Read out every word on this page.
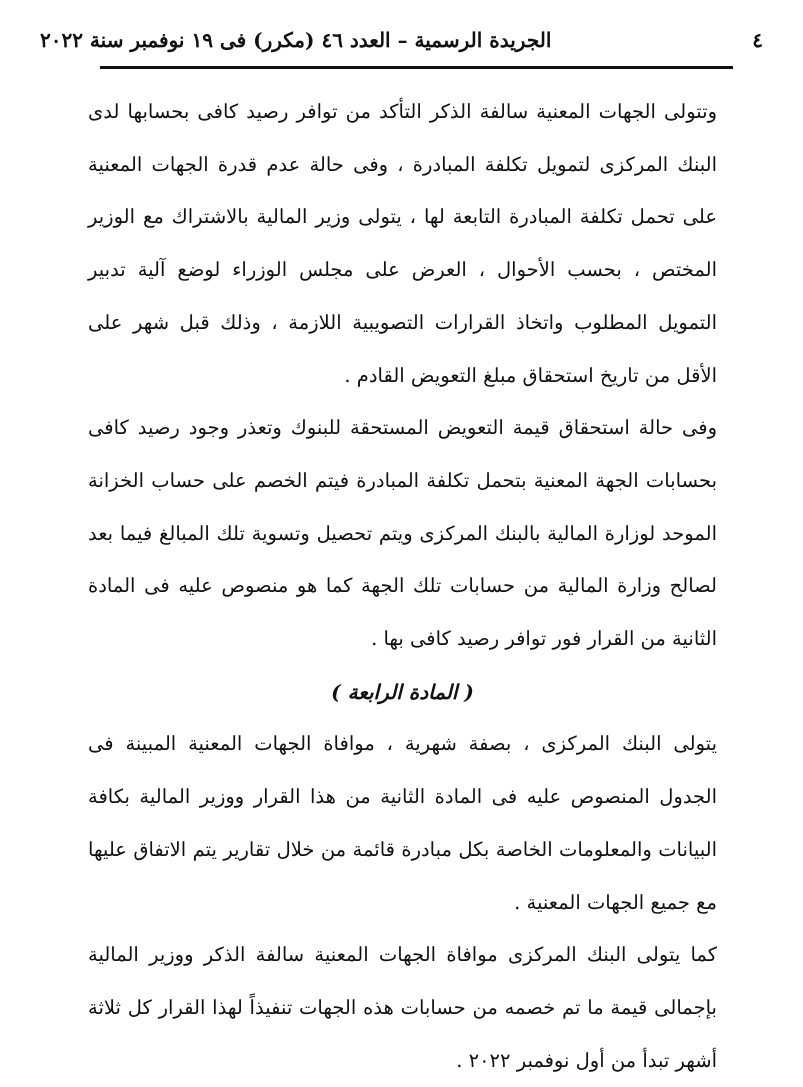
٤
الجريدة الرسمية – العدد ٤٦ (مكرر) فى ١٩ نوفمبر سنة ٢٠٢٢

وتتولى الجهات المعنية سالفة الذكر التأكد من توافر رصيد كافى بحسابها لدى البنك المركزى لتمويل تكلفة المبادرة ، وفى حالة عدم قدرة الجهات المعنية على تحمل تكلفة المبادرة التابعة لها ، يتولى وزير المالية بالاشتراك مع الوزير المختص ، بحسب الأحوال ، العرض على مجلس الوزراء لوضع آلية تدبير التمويل المطلوب واتخاذ القرارات التصويبية اللازمة ، وذلك قبل شهر على الأقل من تاريخ استحقاق مبلغ التعويض القادم .

وفى حالة استحقاق قيمة التعويض المستحقة للبنوك وتعذر وجود رصيد كافى بحسابات الجهة المعنية بتحمل تكلفة المبادرة فيتم الخصم على حساب الخزانة الموحد لوزارة المالية بالبنك المركزى ويتم تحصيل وتسوية تلك المبالغ فيما بعد لصالح وزارة المالية من حسابات تلك الجهة كما هو منصوص عليه فى المادة الثانية من القرار فور توافر رصيد كافى بها .

( المادة الرابعة )

يتولى البنك المركزى ، بصفة شهرية ، موافاة الجهات المعنية المبينة فى الجدول المنصوص عليه فى المادة الثانية من هذا القرار ووزير المالية بكافة البيانات والمعلومات الخاصة بكل مبادرة قائمة من خلال تقارير يتم الاتفاق عليها مع جميع الجهات المعنية .

كما يتولى البنك المركزى موافاة الجهات المعنية سالفة الذكر ووزير المالية بإجمالى قيمة ما تم خصمه من حسابات هذه الجهات تنفيذاً لهذا القرار كل ثلاثة أشهر تبدأ من أول نوفمبر ٢٠٢٢ .
